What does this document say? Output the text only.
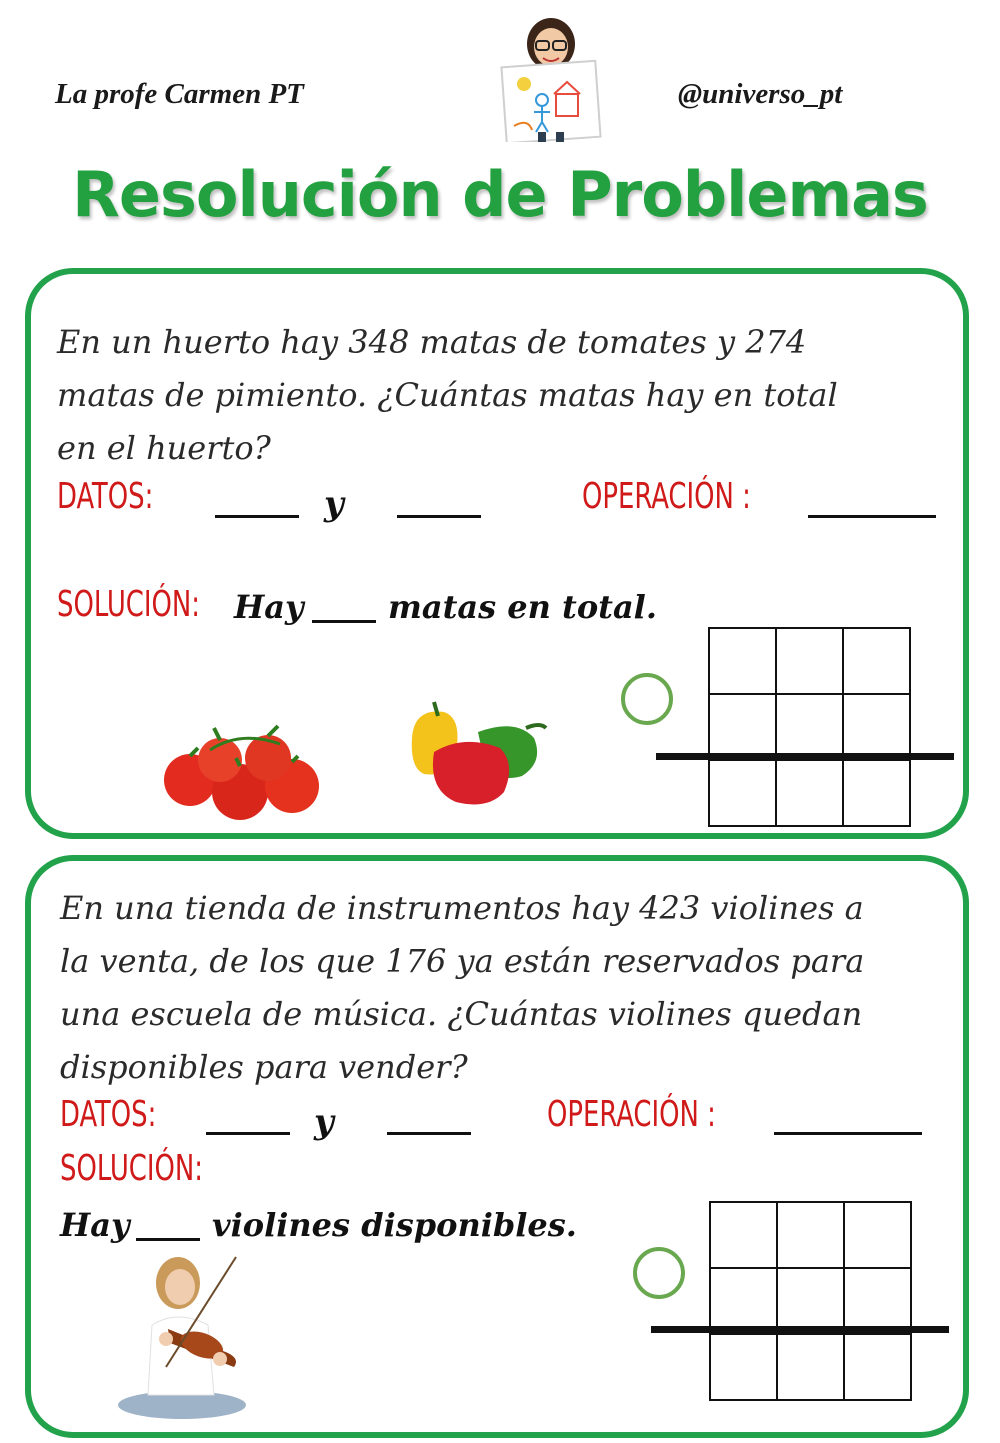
La profe Carmen PT	@universo_pt
Resolución de Problemas
En un huerto hay 348 matas de tomates y 274
matas de pimiento. ¿Cuántas matas hay en total
en el huerto?
DATOS:	y	OPERACIÓN :
SOLUCIÓN: Hay	matas en total.
En una tienda de instrumentos hay 423 violines a
la venta, de los que 176 ya están reservados para
una escuela de música. ¿Cuántas violines quedan
disponibles para vender?
DATOS:	y	OPERACIÓN :
SOLUCIÓN:
Hay	violines disponibles.
